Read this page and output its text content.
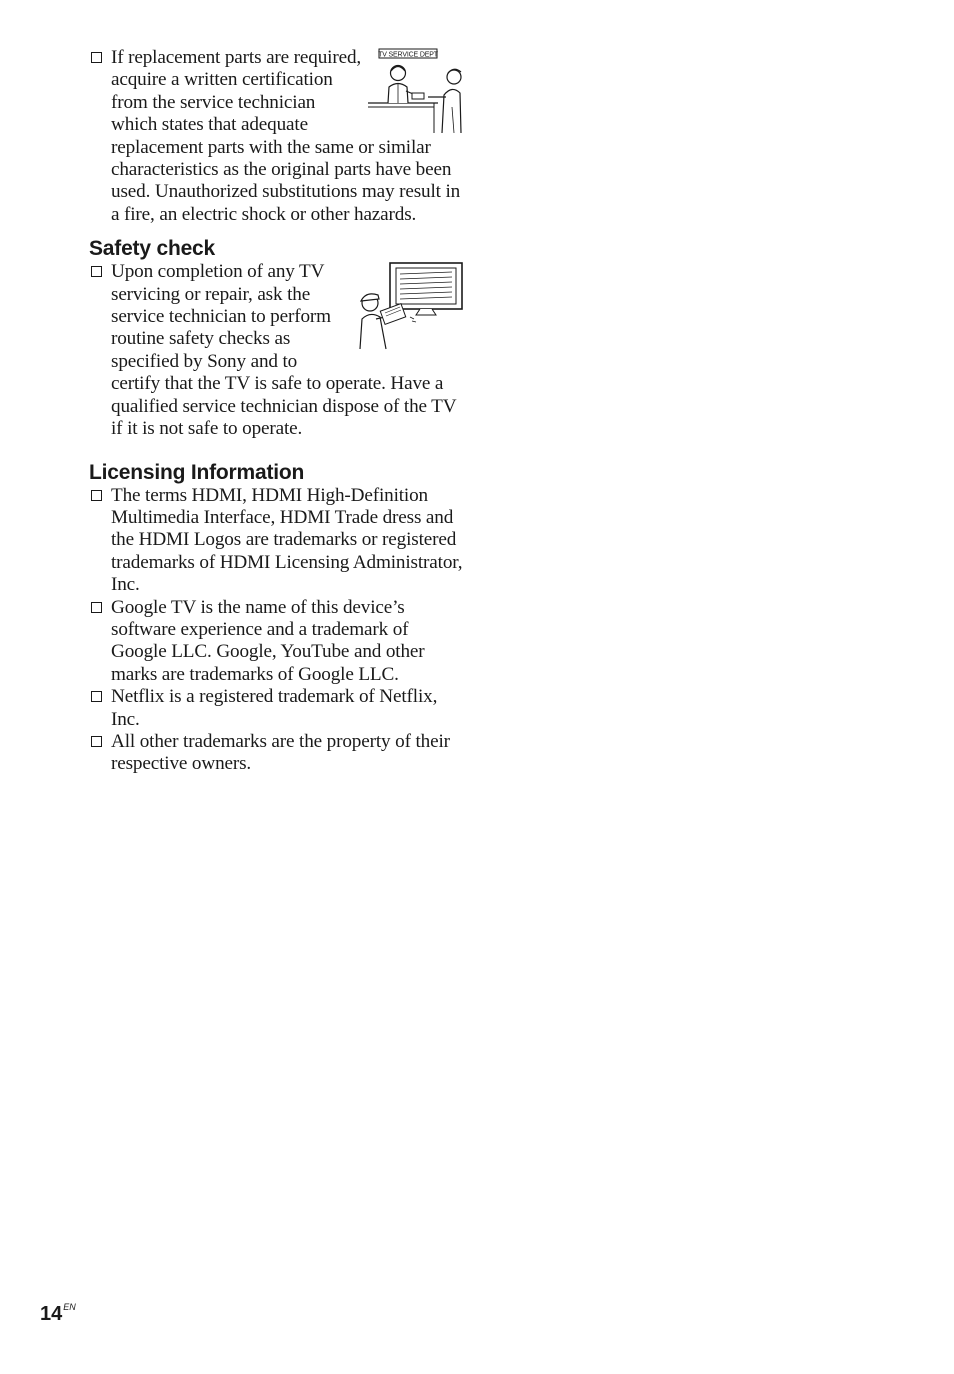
TV SERVICE DEPT
If replacement parts are required, acquire a written certification from the service technician which states that adequate replacement parts with the same or similar characteristics as the original parts have been used. Unauthorized substitutions may result in a fire, an electric shock or other hazards.
Safety check
Upon completion of any TV servicing or repair, ask the service technician to perform routine safety checks as specified by Sony and to certify that the TV is safe to operate. Have a qualified service technician dispose of the TV if it is not safe to operate.
Licensing Information
The terms HDMI, HDMI High-Definition Multimedia Interface, HDMI Trade dress and the HDMI Logos are trademarks or registered trademarks of HDMI Licensing Administrator, Inc.
Google TV is the name of this device’s software experience and a trademark of Google LLC. Google, YouTube and other marks are trademarks of Google LLC.
Netflix is a registered trademark of Netflix, Inc.
All other trademarks are the property of their respective owners.
$14^{EN}$
